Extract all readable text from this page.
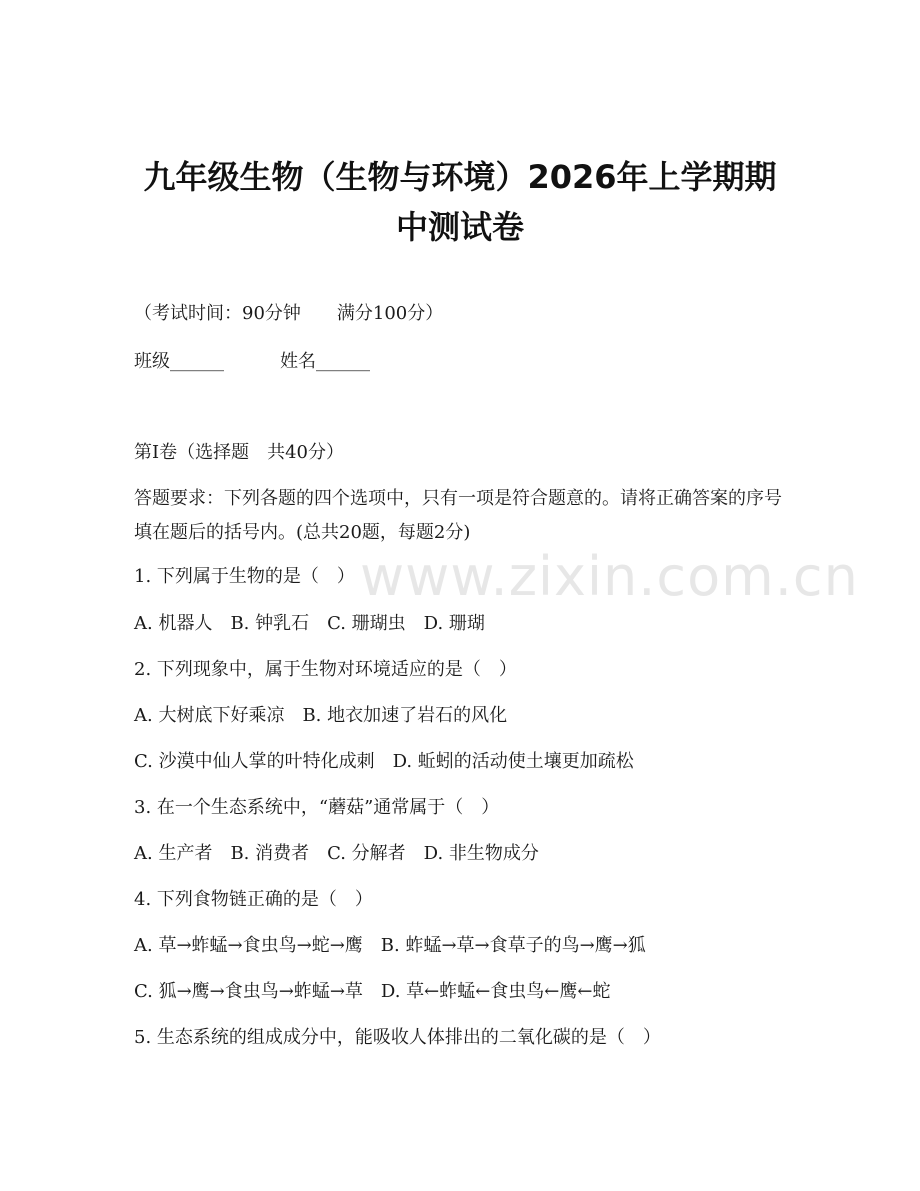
九年级生物（生物与环境）2026年上学期期
中测试卷
（考试时间：90分钟　　满分100分）
班级______	姓名______
第Ⅰ卷（选择题　共40分）
答题要求：下列各题的四个选项中，只有一项是符合题意的。请将正确答案的序号填在题后的括号内。(总共20题，每题2分)
1. 下列属于生物的是（　）
A. 机器人　B. 钟乳石　C. 珊瑚虫　D. 珊瑚
2. 下列现象中，属于生物对环境适应的是（　）
A. 大树底下好乘凉　B. 地衣加速了岩石的风化
C. 沙漠中仙人掌的叶特化成刺　D. 蚯蚓的活动使土壤更加疏松
3. 在一个生态系统中，“蘑菇”通常属于（　）
A. 生产者　B. 消费者　C. 分解者　D. 非生物成分
4. 下列食物链正确的是（　）
A. 草→蚱蜢→食虫鸟→蛇→鹰　B. 蚱蜢→草→食草子的鸟→鹰→狐
C. 狐→鹰→食虫鸟→蚱蜢→草　D. 草←蚱蜢←食虫鸟←鹰←蛇
5. 生态系统的组成成分中，能吸收人体排出的二氧化碳的是（　）
www.zixin.com.cn
